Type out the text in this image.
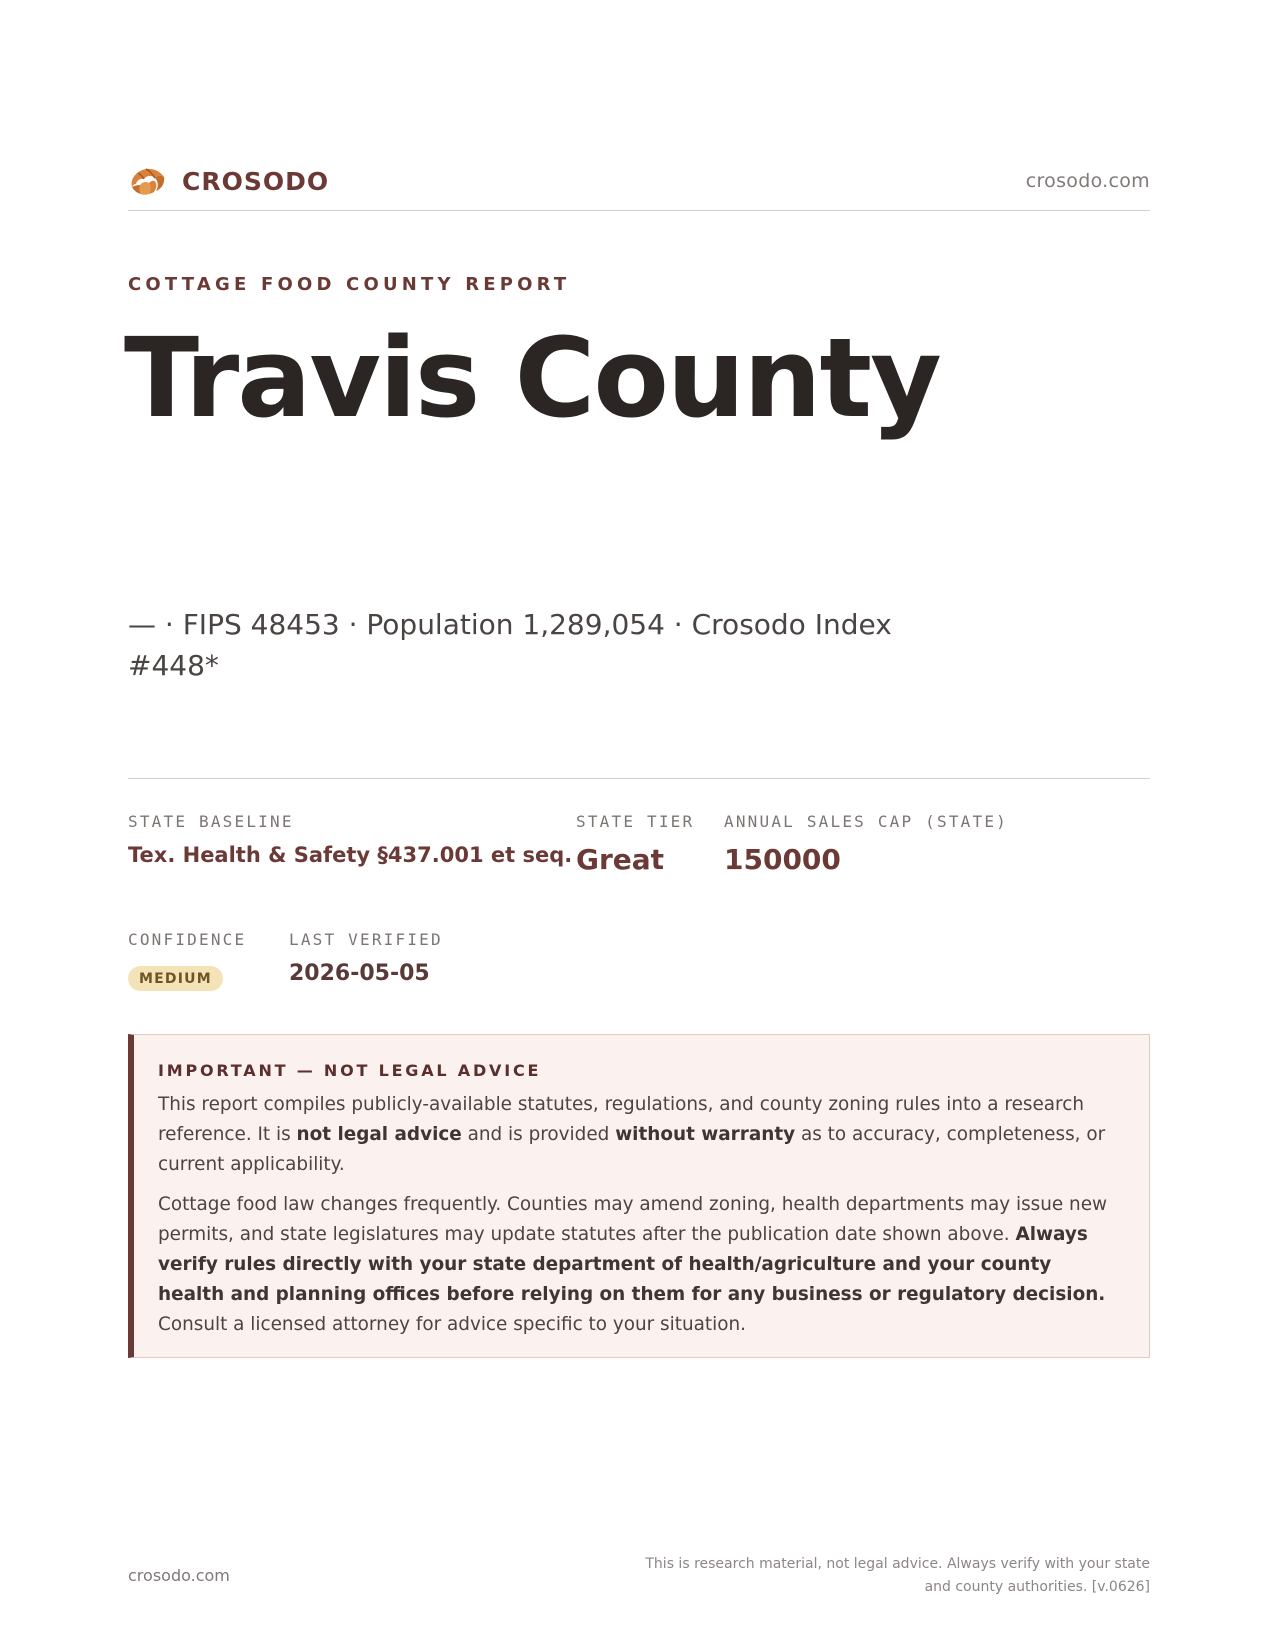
CROSODO	crosodo.com
COTTAGE FOOD COUNTY REPORT
Travis County
— · FIPS 48453 · Population 1,289,054 · Crosodo Index #448*
STATE BASELINE
Tex. Health & Safety §437.001 et seq.
STATE TIER
Great
ANNUAL SALES CAP (STATE)
150000
CONFIDENCE
MEDIUM
LAST VERIFIED
2026-05-05
IMPORTANT — NOT LEGAL ADVICE

This report compiles publicly-available statutes, regulations, and county zoning rules into a research reference. It is not legal advice and is provided without warranty as to accuracy, completeness, or current applicability.

Cottage food law changes frequently. Counties may amend zoning, health departments may issue new permits, and state legislatures may update statutes after the publication date shown above. Always verify rules directly with your state department of health/agriculture and your county health and planning offices before relying on them for any business or regulatory decision. Consult a licensed attorney for advice specific to your situation.

crosodo.com
This is research material, not legal advice. Always verify with your state
and county authorities. [v.0626]
